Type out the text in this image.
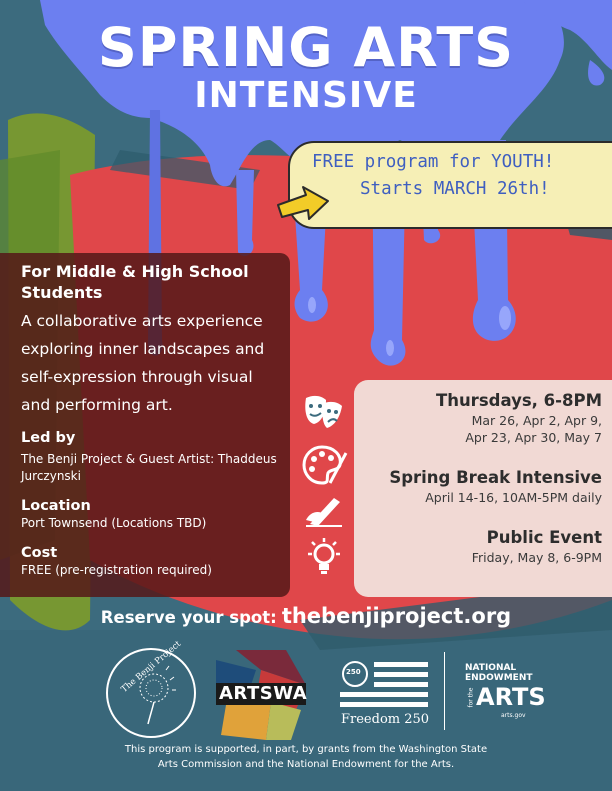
SPRING ARTS
INTENSIVE
FREE program for YOUTH!
Starts MARCH 26th!
For Middle & High School Students
A collaborative arts experience exploring inner landscapes and self-expression through visual and performing art.
Led by
The Benji Project & Guest Artist: Thaddeus Jurczynski
Location
Port Townsend (Locations TBD)
Cost
FREE (pre-registration required)
Thursdays, 6-8PM
Mar 26, Apr 2, Apr 9,
Apr 23, Apr 30, May 7
Spring Break Intensive
April 14-16, 10AM-5PM daily
Public Event
Friday, May 8, 6-9PM
Reserve your spot: thebenjiproject.org
The Benji Project ARTSWA
250
Freedom 250
NATIONAL
ENDOWMENT
for the ARTS
arts.gov
This program is supported, in part, by grants from the Washington State
Arts Commission and the National Endowment for the Arts.
